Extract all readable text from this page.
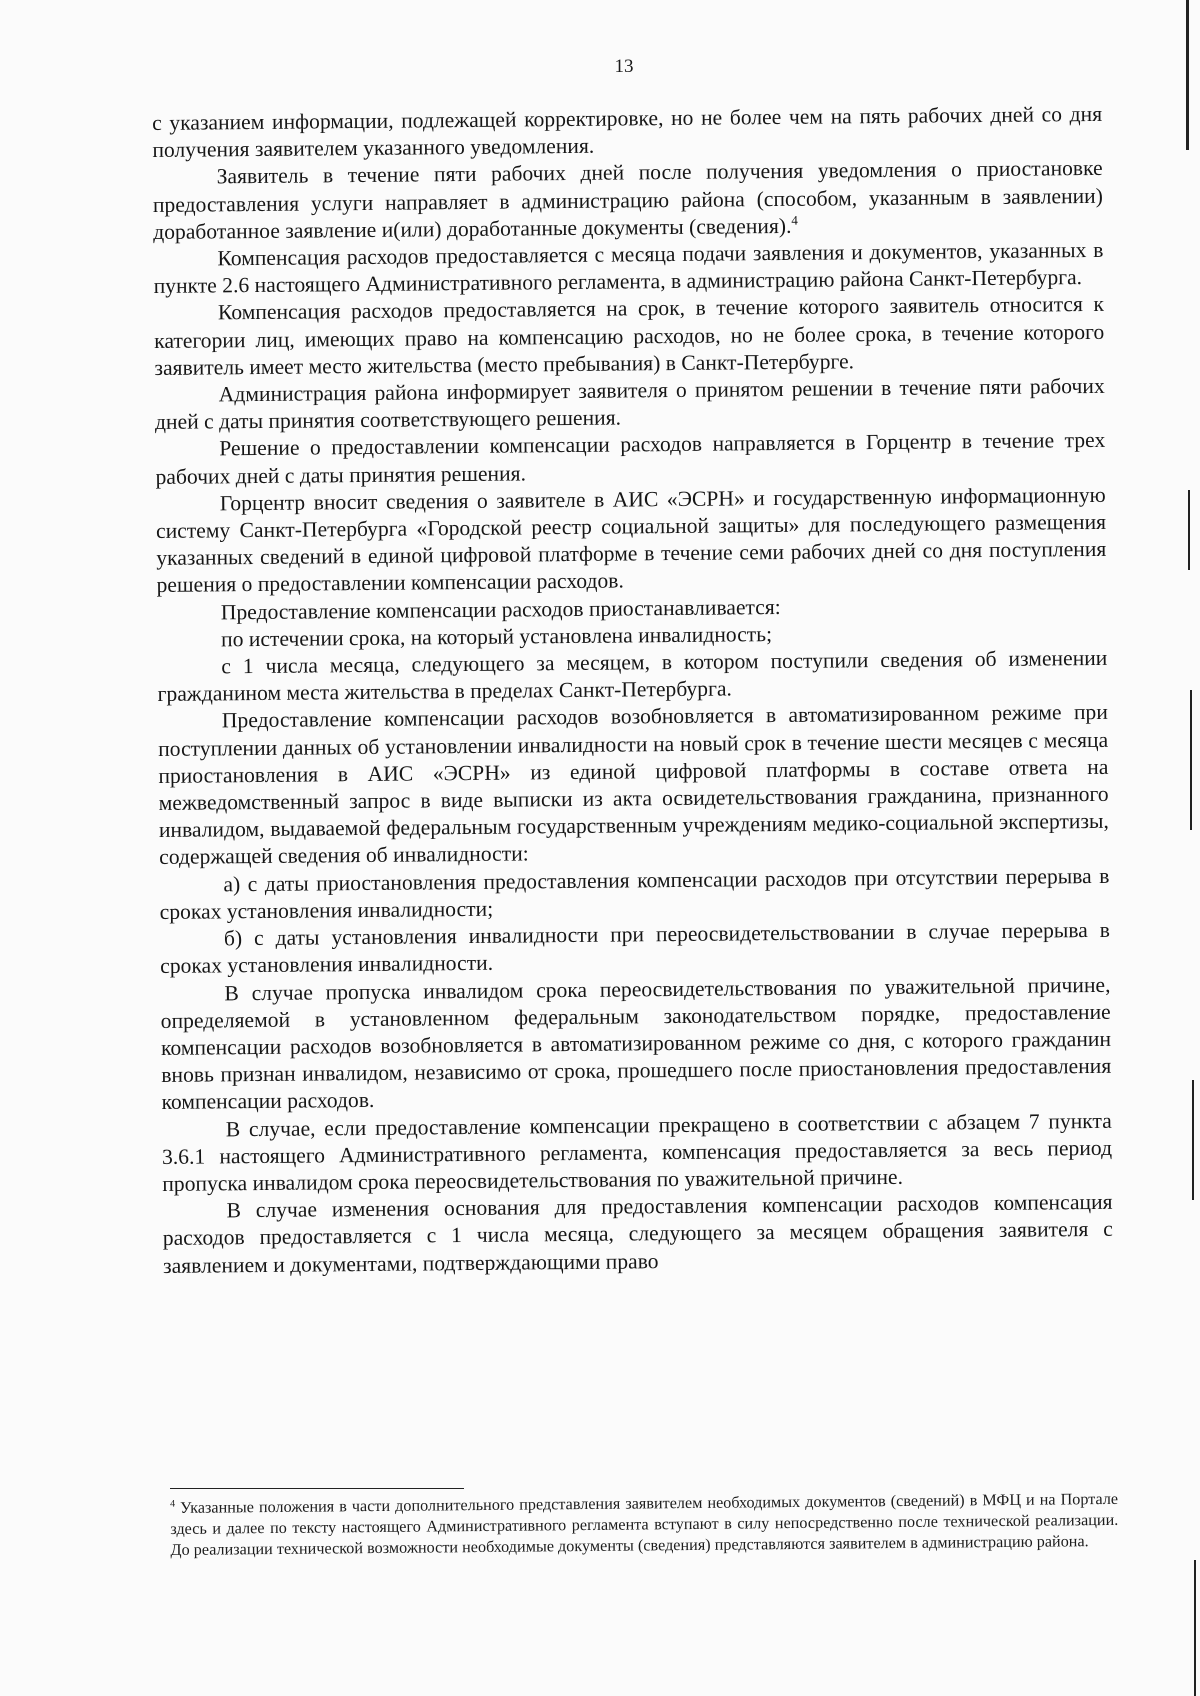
13

с указанием информации, подлежащей корректировке, но не более чем на пять рабочих дней со дня получения заявителем указанного уведомления.

Заявитель в течение пяти рабочих дней после получения уведомления о приостановке предоставления услуги направляет в администрацию района (способом, указанным в заявлении) доработанное заявление и(или) доработанные документы (сведения).$^4$

Компенсация расходов предоставляется с месяца подачи заявления и документов, указанных в пункте 2.6 настоящего Административного регламента, в администрацию района Санкт-Петербурга.

Компенсация расходов предоставляется на срок, в течение которого заявитель относится к категории лиц, имеющих право на компенсацию расходов, но не более срока, в течение которого заявитель имеет место жительства (место пребывания) в Санкт-Петербурге.

Администрация района информирует заявителя о принятом решении в течение пяти рабочих дней с даты принятия соответствующего решения.

Решение о предоставлении компенсации расходов направляется в Горцентр в течение трех рабочих дней с даты принятия решения.

Горцентр вносит сведения о заявителе в АИС «ЭСРН» и государственную информационную систему Санкт-Петербурга «Городской реестр социальной защиты» для последующего размещения указанных сведений в единой цифровой платформе в течение семи рабочих дней со дня поступления решения о предоставлении компенсации расходов.

Предоставление компенсации расходов приостанавливается:

по истечении срока, на который установлена инвалидность;

с 1 числа месяца, следующего за месяцем, в котором поступили сведения об изменении гражданином места жительства в пределах Санкт-Петербурга.

Предоставление компенсации расходов возобновляется в автоматизированном режиме при поступлении данных об установлении инвалидности на новый срок в течение шести месяцев с месяца приостановления в АИС «ЭСРН» из единой цифровой платформы в составе ответа на межведомственный запрос в виде выписки из акта освидетельствования гражданина, признанного инвалидом, выдаваемой федеральным государственным учреждениям медико-социальной экспертизы, содержащей сведения об инвалидности:

а) с даты приостановления предоставления компенсации расходов при отсутствии перерыва в сроках установления инвалидности;

б) с даты установления инвалидности при переосвидетельствовании в случае перерыва в сроках установления инвалидности.

В случае пропуска инвалидом срока переосвидетельствования по уважительной причине, определяемой в установленном федеральным законодательством порядке, предоставление компенсации расходов возобновляется в автоматизированном режиме со дня, с которого гражданин вновь признан инвалидом, независимо от срока, прошедшего после приостановления предоставления компенсации расходов.

В случае, если предоставление компенсации прекращено в соответствии с абзацем 7 пункта 3.6.1 настоящего Административного регламента, компенсация предоставляется за весь период пропуска инвалидом срока переосвидетельствования по уважительной причине.

В случае изменения основания для предоставления компенсации расходов компенсация расходов предоставляется с 1 числа месяца, следующего за месяцем обращения заявителя с заявлением и документами, подтверждающими право

$^4$ Указанные положения в части дополнительного представления заявителем необходимых документов (сведений) в МФЦ и на Портале здесь и далее по тексту настоящего Административного регламента вступают в силу непосредственно после технической реализации. До реализации технической возможности необходимые документы (сведения) представляются заявителем в администрацию района.
